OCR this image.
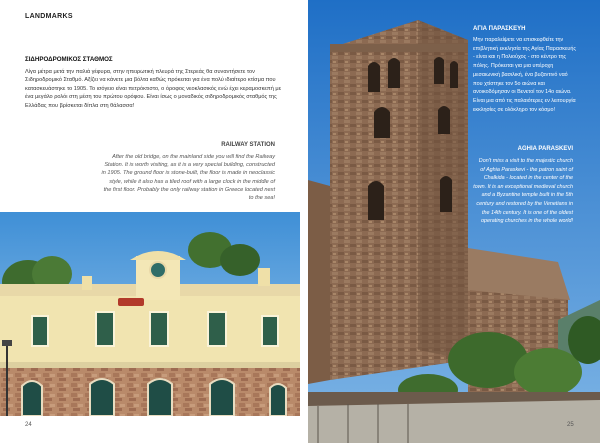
LANDMARKS
ΣΙΔΗΡΟΔΡΟΜΙΚΟΣ ΣΤΑΘΜΟΣ

Λίγα μέτρα μετά την παλιά γέφυρα, στην ηπειρωτική πλευρά της Στερεάς θα συναντήσετε τον Σιδηροδρομικό Σταθμό. Αξίζει να κάνετε μια βόλτα καθώς πρόκειται για ένα πολύ ιδιαίτερο κτίσμα που κατασκευάστηκε το 1905. Το ισόγειο είναι πετρόκτιστο, ο όροφος νεοκλασικός ενώ έχει κεραμοσκεπή με ένα μεγάλο ρολόι στη μέση του πρώτου ορόφου. Είναι ίσως ο μοναδικός σιδηροδρομικός σταθμός της Ελλάδας που βρίσκεται δίπλα στη θάλασσα!

RAILWAY STATION

After the old bridge, on the mainland side you will find the Railway Station. It is worth visiting, as it is a very special building, constructed in 1905. The ground floor is stone-built, the floor is made in neoclassic style, while it also has a tiled roof with a large clock in the middle of the first floor. Probably the only railway station in Greece located next to the sea!

24	25
ΑΓΙΑ ΠΑΡΑΣΚΕΥΗ

Μην παραλείψετε να επισκεφθείτε την επιβλητική εκκλησία της Αγίας Παρασκευής - είναι και η Πολιούχος - στο κέντρο της πόλης. Πρόκειται για μια υπέροχη μεσαιωνική βασιλική, ένα βυζαντινό ναό που χτίστηκε τον 5ο αιώνα και ανοικοδόμησαν οι Βενετοί τον 14ο αιώνα. Είναι μια από τις παλαιότερες εν λειτουργία εκκλησίες σε ολόκληρο τον κόσμο!

AGHIA PARASKEVI

Don't miss a visit to the majestic church of Aghia Paraskevi - the patron saint of Chalkida - located in the center of the town. It is an exceptional medieval church and a Byzantine temple built in the 5th century and restored by the Venetians in the 14th century. It is one of the oldest operating churches in the whole world!
